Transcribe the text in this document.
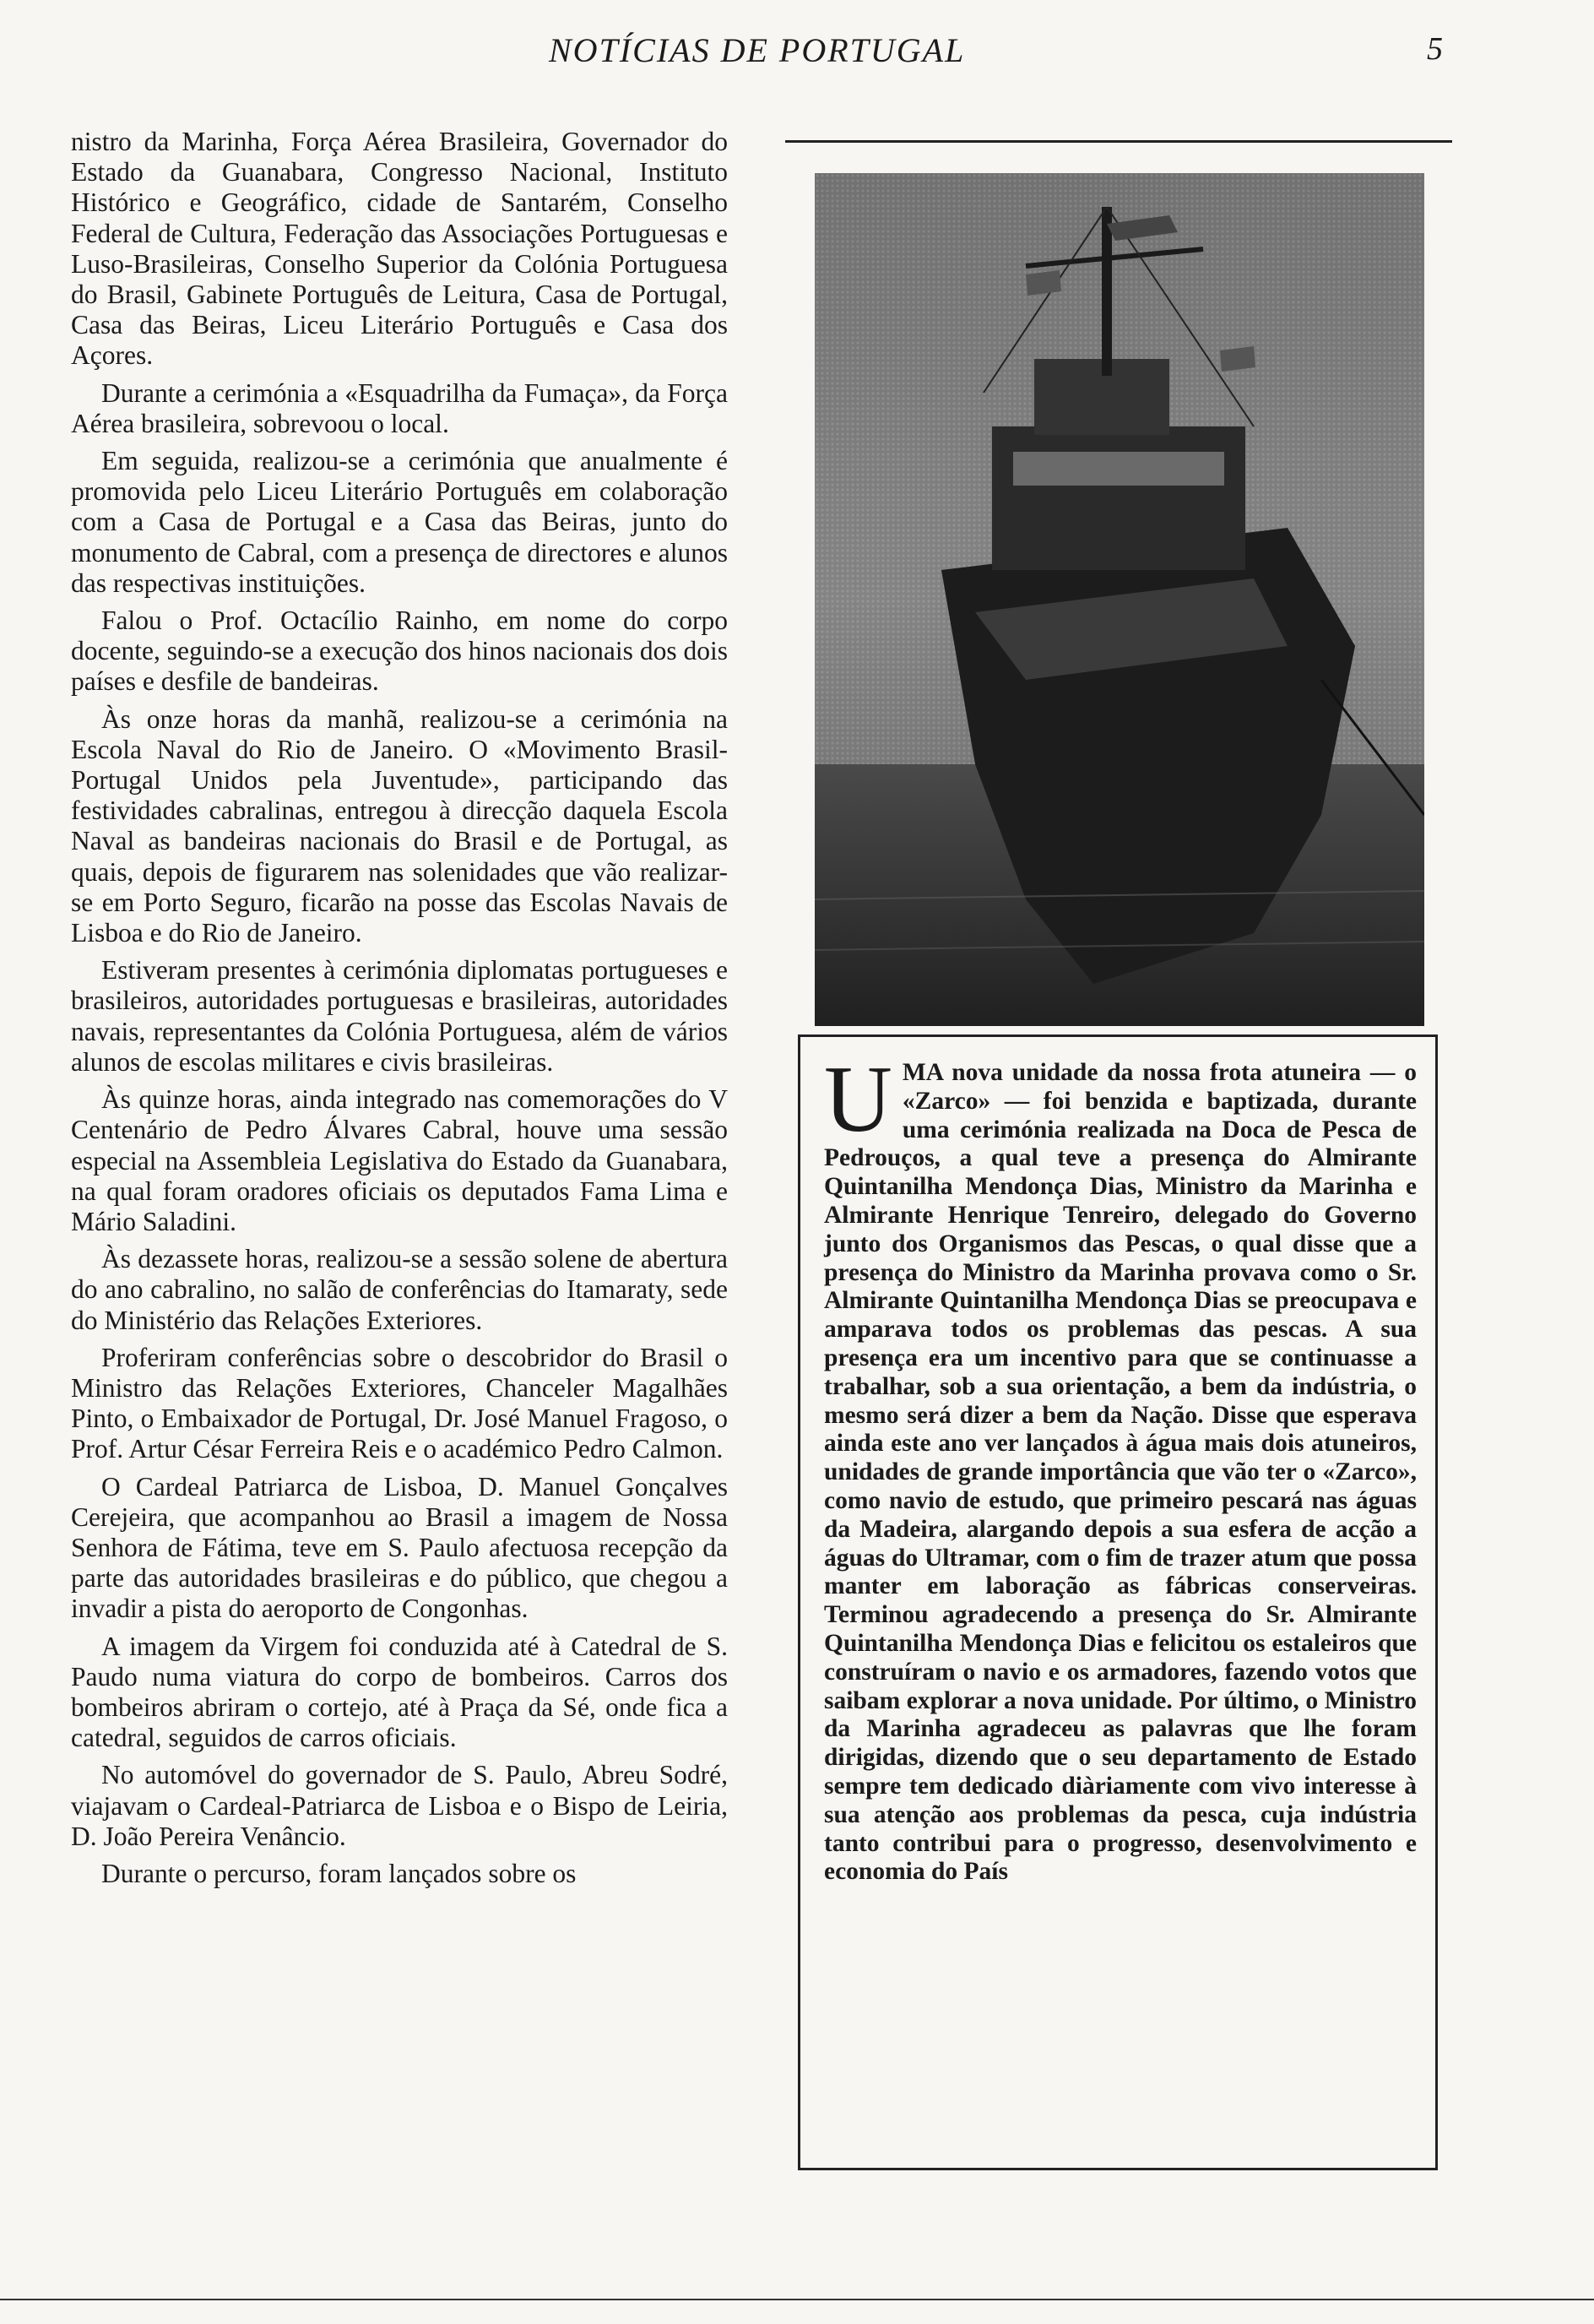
NOTÍCIAS DE PORTUGAL	5

nistro da Marinha, Força Aérea Brasileira, Governador do Estado da Guanabara, Congresso Nacional, Instituto Histórico e Geográfico, cidade de Santarém, Conselho Federal de Cultura, Federação das Associações Portuguesas e Luso-Brasileiras, Conselho Superior da Colónia Portuguesa do Brasil, Gabinete Português de Leitura, Casa de Portugal, Casa das Beiras, Liceu Literário Português e Casa dos Açores.

Durante a cerimónia a «Esquadrilha da Fumaça», da Força Aérea brasileira, sobrevoou o local.

Em seguida, realizou-se a cerimónia que anualmente é promovida pelo Liceu Literário Português em colaboração com a Casa de Portugal e a Casa das Beiras, junto do monumento de Cabral, com a presença de directores e alunos das respectivas instituições.

Falou o Prof. Octacílio Rainho, em nome do corpo docente, seguindo-se a execução dos hinos nacionais dos dois países e desfile de bandeiras.

Às onze horas da manhã, realizou-se a cerimónia na Escola Naval do Rio de Janeiro. O «Movimento Brasil-Portugal Unidos pela Juventude», participando das festividades cabralinas, entregou à direcção daquela Escola Naval as bandeiras nacionais do Brasil e de Portugal, as quais, depois de figurarem nas solenidades que vão realizar-se em Porto Seguro, ficarão na posse das Escolas Navais de Lisboa e do Rio de Janeiro.

Estiveram presentes à cerimónia diplomatas portugueses e brasileiros, autoridades portuguesas e brasileiras, autoridades navais, representantes da Colónia Portuguesa, além de vários alunos de escolas militares e civis brasileiras.

Às quinze horas, ainda integrado nas comemorações do V Centenário de Pedro Álvares Cabral, houve uma sessão especial na Assembleia Legislativa do Estado da Guanabara, na qual foram oradores oficiais os deputados Fama Lima e Mário Saladini.

Às dezassete horas, realizou-se a sessão solene de abertura do ano cabralino, no salão de conferências do Itamaraty, sede do Ministério das Relações Exteriores.

Proferiram conferências sobre o descobridor do Brasil o Ministro das Relações Exteriores, Chanceler Magalhães Pinto, o Embaixador de Portugal, Dr. José Manuel Fragoso, o Prof. Artur César Ferreira Reis e o académico Pedro Calmon.

O Cardeal Patriarca de Lisboa, D. Manuel Gonçalves Cerejeira, que acompanhou ao Brasil a imagem de Nossa Senhora de Fátima, teve em S. Paulo afectuosa recepção da parte das autoridades brasileiras e do público, que chegou a invadir a pista do aeroporto de Congonhas.

A imagem da Virgem foi conduzida até à Catedral de S. Paudo numa viatura do corpo de bombeiros. Carros dos bombeiros abriram o cortejo, até à Praça da Sé, onde fica a catedral, seguidos de carros oficiais.

No automóvel do governador de S. Paulo, Abreu Sodré, viajavam o Cardeal-Patriarca de Lisboa e o Bispo de Leiria, D. João Pereira Venâncio.

Durante o percurso, foram lançados sobre os

UMA nova unidade da nossa frota atuneira — o «Zarco» — foi benzida e baptizada, durante uma cerimónia realizada na Doca de Pesca de Pedrouços, a qual teve a presença do Almirante Quintanilha Mendonça Dias, Ministro da Marinha e Almirante Henrique Tenreiro, delegado do Governo junto dos Organismos das Pescas, o qual disse que a presença do Ministro da Marinha provava como o Sr. Almirante Quintanilha Mendonça Dias se preocupava e amparava todos os problemas das pescas. A sua presença era um incentivo para que se continuasse a trabalhar, sob a sua orientação, a bem da indústria, o mesmo será dizer a bem da Nação. Disse que esperava ainda este ano ver lançados à água mais dois atuneiros, unidades de grande importância que vão ter o «Zarco», como navio de estudo, que primeiro pescará nas águas da Madeira, alargando depois a sua esfera de acção a águas do Ultramar, com o fim de trazer atum que possa manter em laboração as fábricas conserveiras. Terminou agradecendo a presença do Sr. Almirante Quintanilha Mendonça Dias e felicitou os estaleiros que construíram o navio e os armadores, fazendo votos que saibam explorar a nova unidade. Por último, o Ministro da Marinha agradeceu as palavras que lhe foram dirigidas, dizendo que o seu departamento de Estado sempre tem dedicado diàriamente com vivo interesse à sua atenção aos problemas da pesca, cuja indústria tanto contribui para o progresso, desenvolvimento e economia do País
